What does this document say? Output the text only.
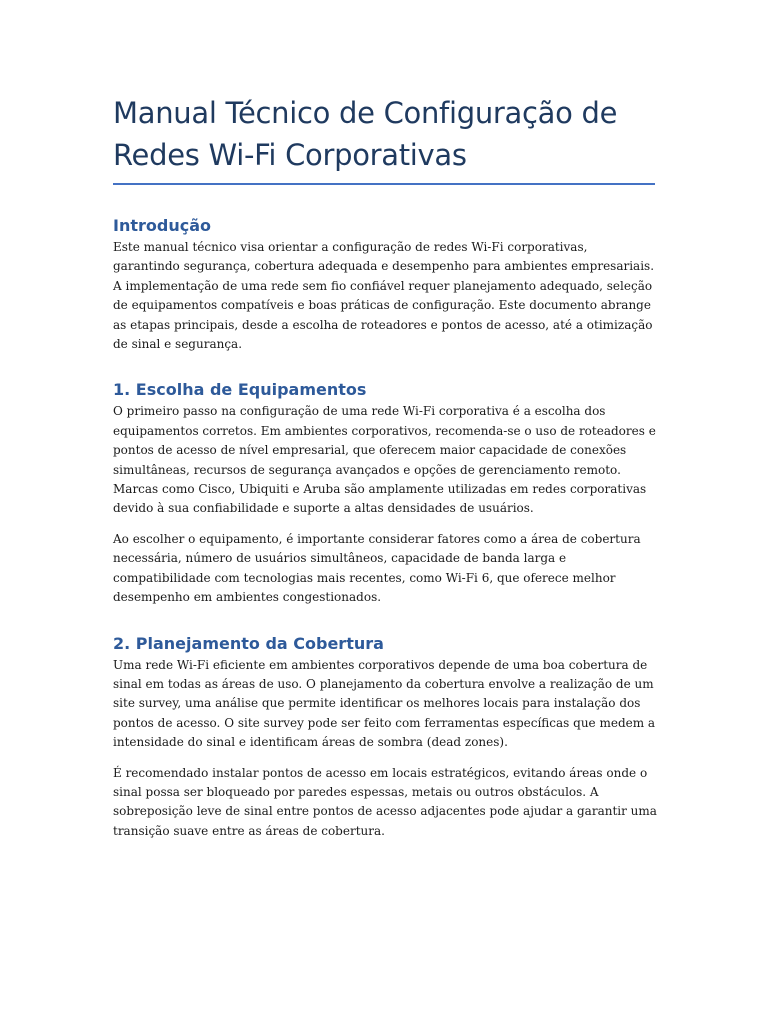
Manual Técnico de Configuração de
Redes Wi-Fi Corporativas
Introdução

Este manual técnico visa orientar a configuração de redes Wi-Fi corporativas, garantindo segurança, cobertura adequada e desempenho para ambientes empresariais. A implementação de uma rede sem fio confiável requer planejamento adequado, seleção de equipamentos compatíveis e boas práticas de configuração. Este documento abrange as etapas principais, desde a escolha de roteadores e pontos de acesso, até a otimização de sinal e segurança.

1. Escolha de Equipamentos

O primeiro passo na configuração de uma rede Wi-Fi corporativa é a escolha dos equipamentos corretos. Em ambientes corporativos, recomenda-se o uso de roteadores e pontos de acesso de nível empresarial, que oferecem maior capacidade de conexões simultâneas, recursos de segurança avançados e opções de gerenciamento remoto. Marcas como Cisco, Ubiquiti e Aruba são amplamente utilizadas em redes corporativas devido à sua confiabilidade e suporte a altas densidades de usuários.

Ao escolher o equipamento, é importante considerar fatores como a área de cobertura necessária, número de usuários simultâneos, capacidade de banda larga e compatibilidade com tecnologias mais recentes, como Wi-Fi 6, que oferece melhor desempenho em ambientes congestionados.

2. Planejamento da Cobertura

Uma rede Wi-Fi eficiente em ambientes corporativos depende de uma boa cobertura de sinal em todas as áreas de uso. O planejamento da cobertura envolve a realização de um site survey, uma análise que permite identificar os melhores locais para instalação dos pontos de acesso. O site survey pode ser feito com ferramentas específicas que medem a intensidade do sinal e identificam áreas de sombra (dead zones).

É recomendado instalar pontos de acesso em locais estratégicos, evitando áreas onde o sinal possa ser bloqueado por paredes espessas, metais ou outros obstáculos. A sobreposição leve de sinal entre pontos de acesso adjacentes pode ajudar a garantir uma transição suave entre as áreas de cobertura.
